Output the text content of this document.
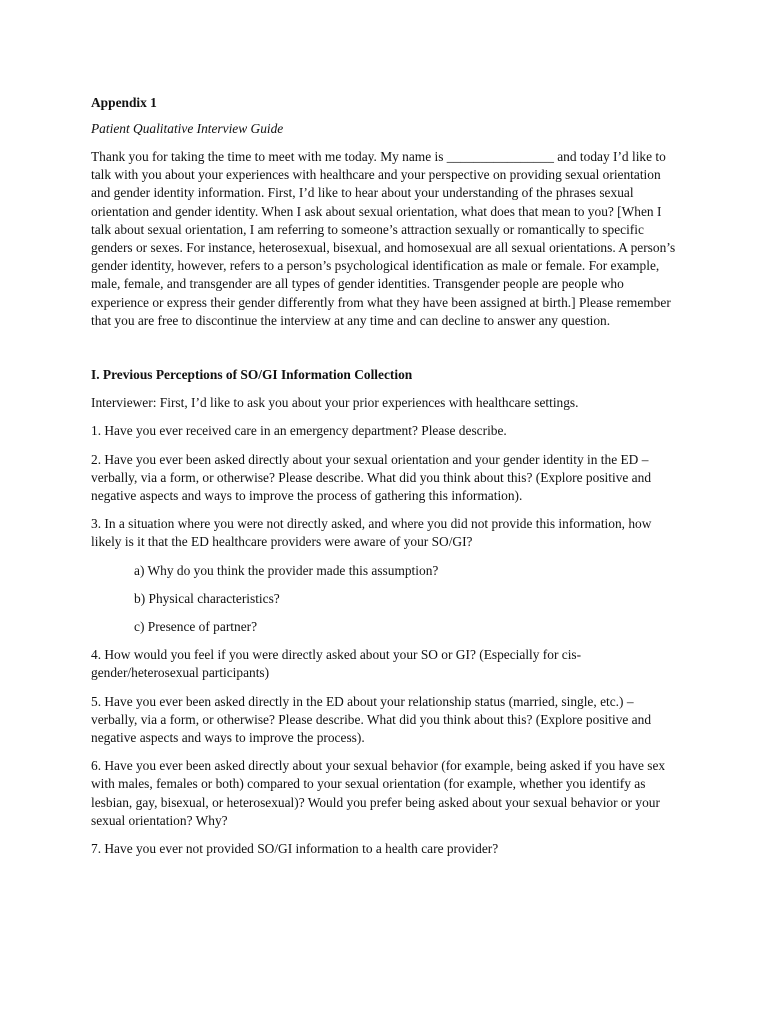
Appendix 1

Patient Qualitative Interview Guide

Thank you for taking the time to meet with me today. My name is ________________ and today I’d like to talk with you about your experiences with healthcare and your perspective on providing sexual orientation and gender identity information. First, I’d like to hear about your understanding of the phrases sexual orientation and gender identity. When I ask about sexual orientation, what does that mean to you? [When I talk about sexual orientation, I am referring to someone’s attraction sexually or romantically to specific genders or sexes. For instance, heterosexual, bisexual, and homosexual are all sexual orientations. A person’s gender identity, however, refers to a person’s psychological identification as male or female. For example, male, female, and transgender are all types of gender identities. Transgender people are people who experience or express their gender differently from what they have been assigned at birth.] Please remember that you are free to discontinue the interview at any time and can decline to answer any question.

I. Previous Perceptions of SO/GI Information Collection

Interviewer: First, I’d like to ask you about your prior experiences with healthcare settings.

1. Have you ever received care in an emergency department? Please describe.

2. Have you ever been asked directly about your sexual orientation and your gender identity in the ED – verbally, via a form, or otherwise? Please describe. What did you think about this? (Explore positive and negative aspects and ways to improve the process of gathering this information).

3. In a situation where you were not directly asked, and where you did not provide this information, how likely is it that the ED healthcare providers were aware of your SO/GI?

a) Why do you think the provider made this assumption?

b) Physical characteristics?

c) Presence of partner?

4. How would you feel if you were directly asked about your SO or GI? (Especially for cis-gender/heterosexual participants)

5. Have you ever been asked directly in the ED about your relationship status (married, single, etc.) – verbally, via a form, or otherwise? Please describe. What did you think about this? (Explore positive and negative aspects and ways to improve the process).

6. Have you ever been asked directly about your sexual behavior (for example, being asked if you have sex with males, females or both) compared to your sexual orientation (for example, whether you identify as lesbian, gay, bisexual, or heterosexual)? Would you prefer being asked about your sexual behavior or your sexual orientation? Why?

7. Have you ever not provided SO/GI information to a health care provider?
